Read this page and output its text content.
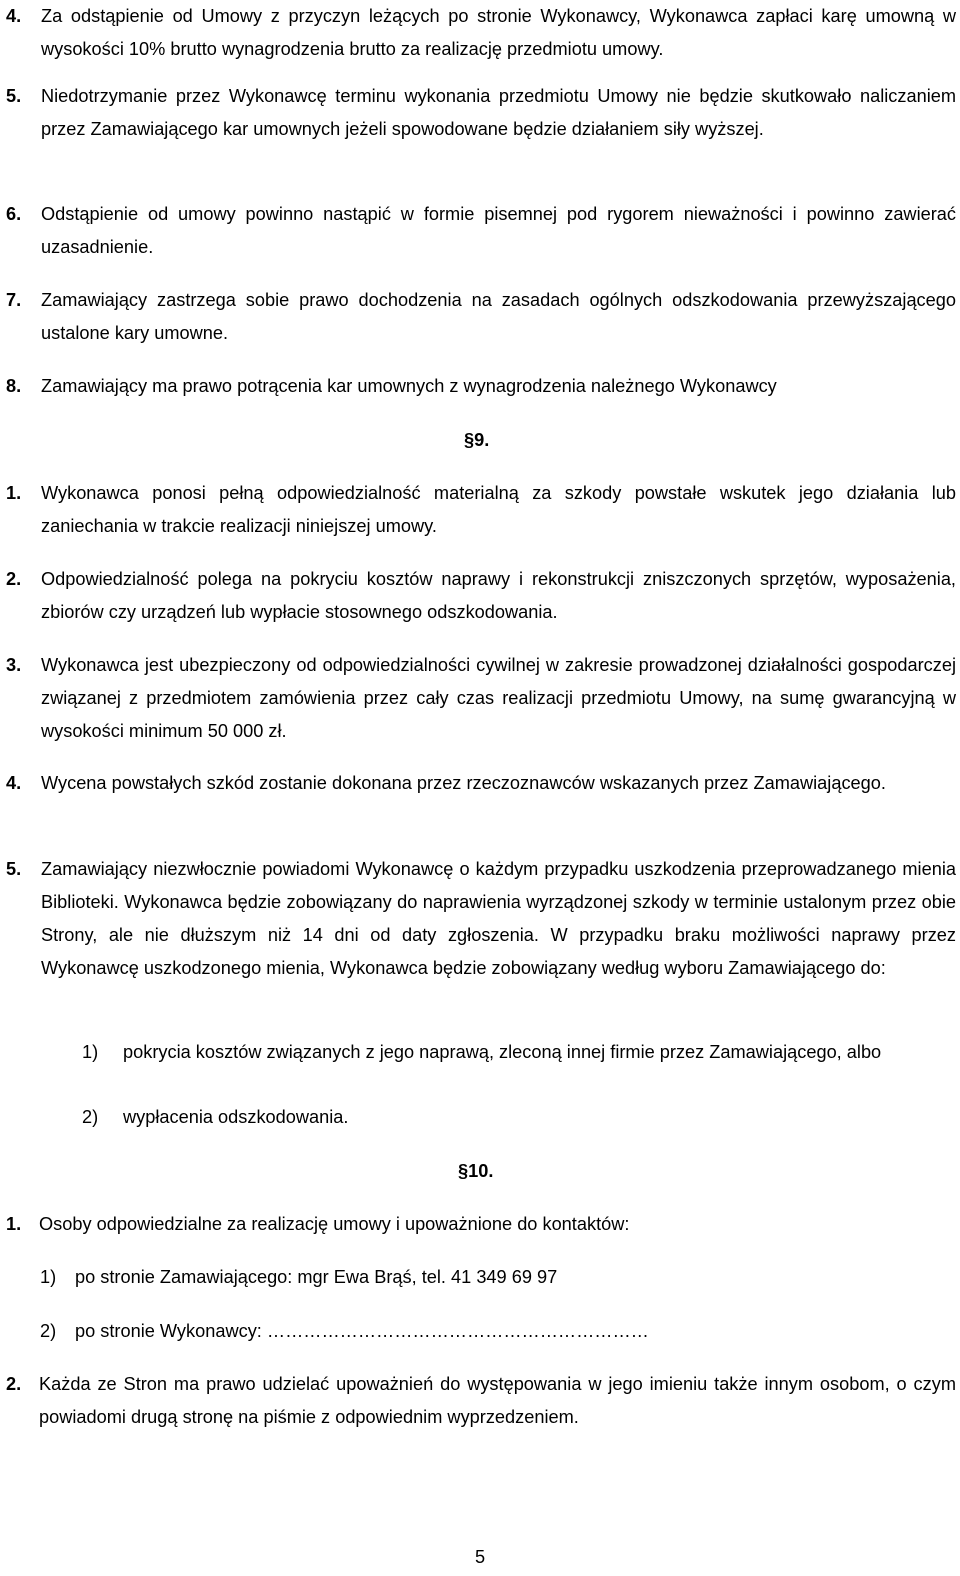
4. Za odstąpienie od Umowy z przyczyn leżących po stronie Wykonawcy, Wykonawca zapłaci karę umowną w wysokości 10% brutto wynagrodzenia brutto za realizację przedmiotu umowy.
5. Niedotrzymanie przez Wykonawcę terminu wykonania przedmiotu Umowy nie będzie skutkowało naliczaniem przez Zamawiającego kar umownych jeżeli spowodowane będzie działaniem siły wyższej.
6. Odstąpienie od umowy powinno nastąpić w formie pisemnej pod rygorem nieważności i powinno zawierać uzasadnienie.
7. Zamawiający zastrzega sobie prawo dochodzenia na zasadach ogólnych odszkodowania przewyższającego ustalone kary umowne.
8. Zamawiający ma prawo potrącenia kar umownych z wynagrodzenia należnego Wykonawcy
§9.
1. Wykonawca ponosi pełną odpowiedzialność materialną za szkody powstałe wskutek jego działania lub zaniechania w trakcie realizacji niniejszej umowy.
2. Odpowiedzialność polega na pokryciu kosztów naprawy i rekonstrukcji zniszczonych sprzętów, wyposażenia, zbiorów czy urządzeń lub wypłacie stosownego odszkodowania.
3. Wykonawca jest ubezpieczony od odpowiedzialności cywilnej w zakresie prowadzonej działalności gospodarczej związanej z przedmiotem zamówienia przez cały czas realizacji przedmiotu Umowy, na sumę gwarancyjną w wysokości minimum 50 000 zł.
4. Wycena powstałych szkód zostanie dokonana przez rzeczoznawców wskazanych przez Zamawiającego.
5. Zamawiający niezwłocznie powiadomi Wykonawcę o każdym przypadku uszkodzenia przeprowadzanego mienia Biblioteki. Wykonawca będzie zobowiązany do naprawienia wyrządzonej szkody w terminie ustalonym przez obie Strony, ale nie dłuższym niż 14 dni od daty zgłoszenia. W przypadku braku możliwości naprawy przez Wykonawcę uszkodzonego mienia, Wykonawca będzie zobowiązany według wyboru Zamawiającego do:
1) pokrycia kosztów związanych z jego naprawą, zleconą innej firmie przez Zamawiającego, albo
2) wypłacenia odszkodowania.
§10.
1. Osoby odpowiedzialne za realizację umowy i upoważnione do kontaktów:
1) po stronie Zamawiającego: mgr Ewa Brąś, tel. 41 349 69 97
2) po stronie Wykonawcy: ………………………………………………………
2. Każda ze Stron ma prawo udzielać upoważnień do występowania w jego imieniu także innym osobom, o czym powiadomi drugą stronę na piśmie z odpowiednim wyprzedzeniem.
5
